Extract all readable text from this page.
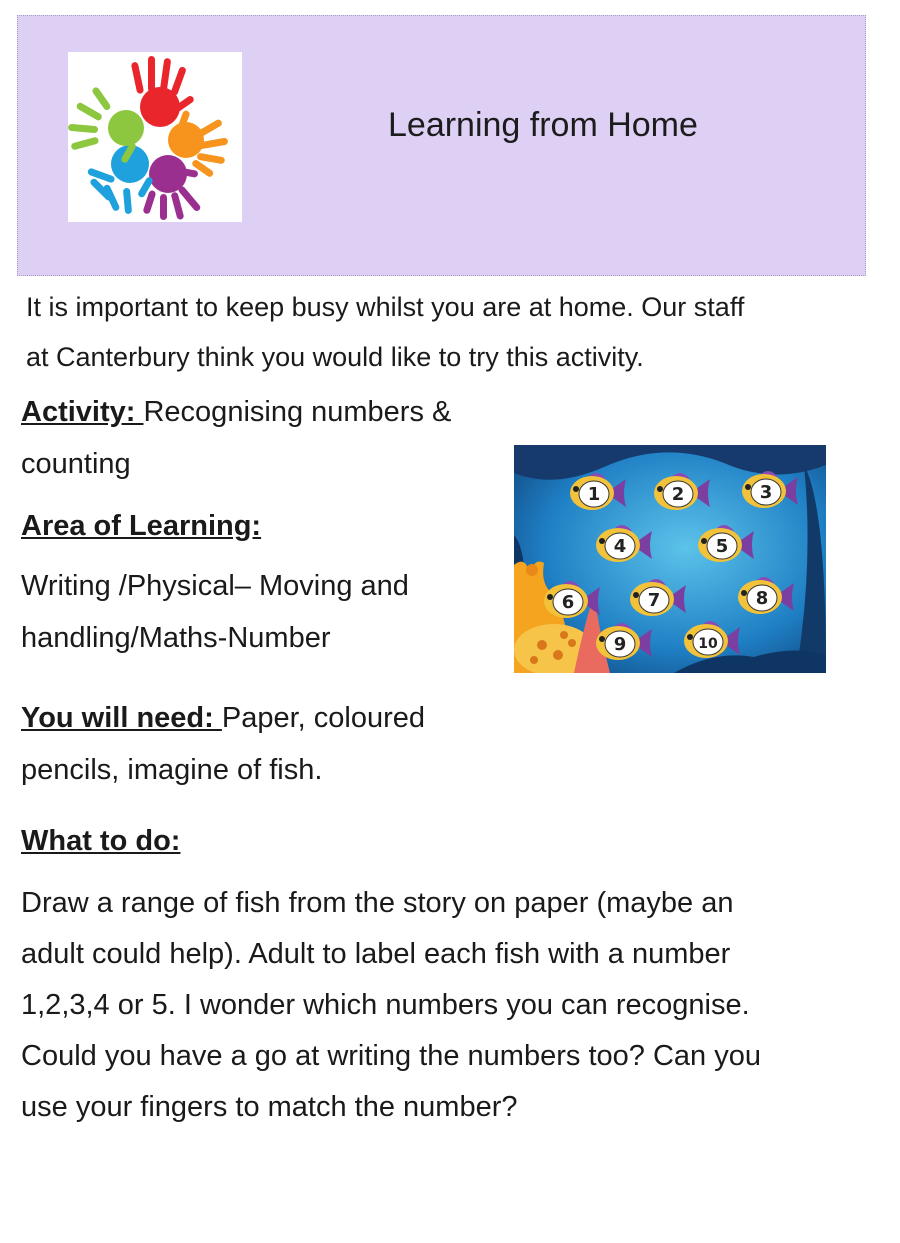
Learning from Home
It is important to keep busy whilst you are at home. Our staff
at Canterbury think you would like to try this activity.
Activity: Recognising numbers &
counting
Area of Learning:
Writing /Physical– Moving and
handling/Maths-Number
1	2	3
4	5
6	7	8
9	10
You will need: Paper, coloured
pencils, imagine of fish.
What to do:
Draw a range of fish from the story on paper (maybe an
adult could help). Adult to label each fish with a number
1,2,3,4 or 5. I wonder which numbers you can recognise.
Could you have a go at writing the numbers too? Can you
use your fingers to match the number?
